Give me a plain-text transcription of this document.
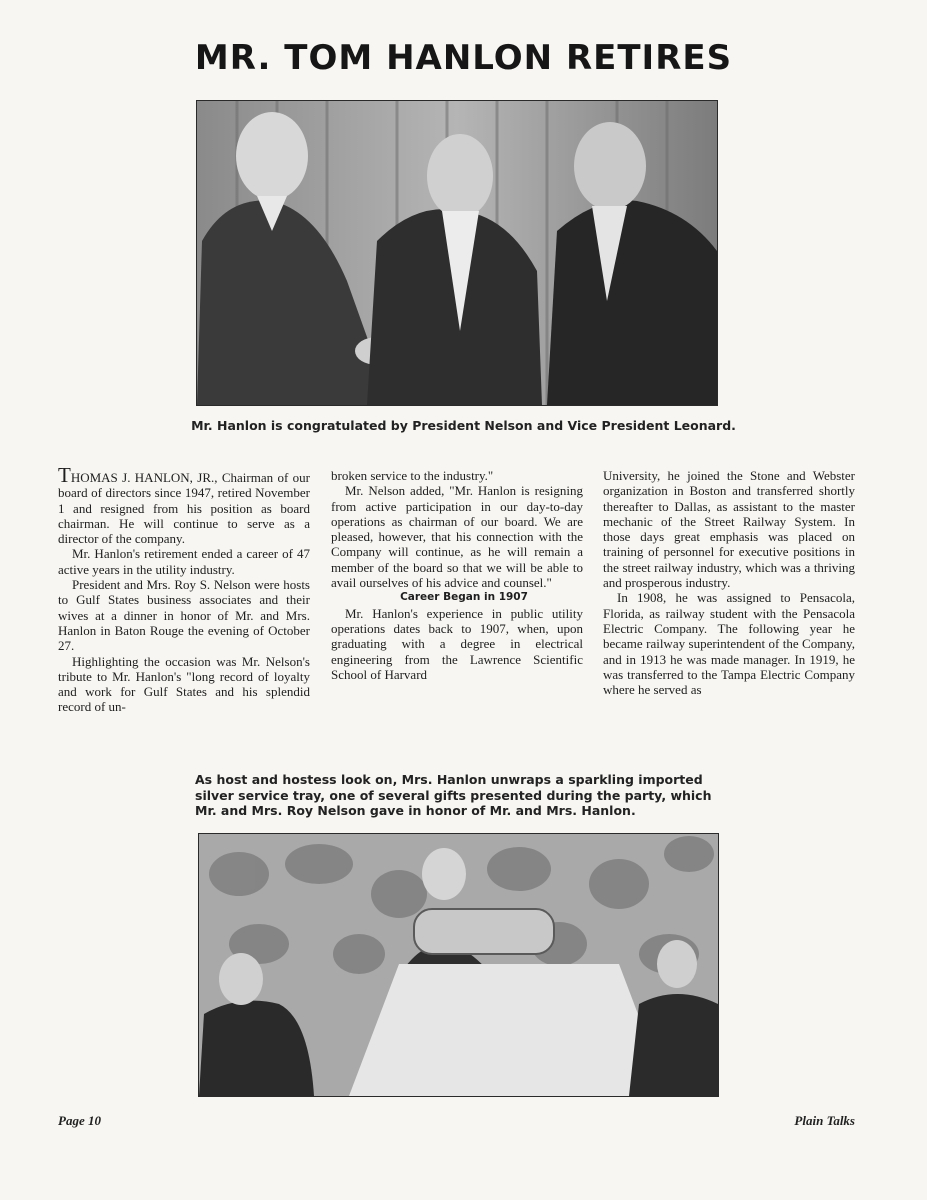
MR. TOM HANLON RETIRES
Mr. Hanlon is congratulated by President Nelson and Vice President Leonard.

THOMAS J. HANLON, JR., Chairman of our board of directors since 1947, retired November 1 and resigned from his position as board chairman. He will continue to serve as a director of the company.

Mr. Hanlon's retirement ended a career of 47 active years in the utility industry.

President and Mrs. Roy S. Nelson were hosts to Gulf States business associates and their wives at a dinner in honor of Mr. and Mrs. Hanlon in Baton Rouge the evening of October 27.

Highlighting the occasion was Mr. Nelson's tribute to Mr. Hanlon's "long record of loyalty and work for Gulf States and his splendid record of un-

broken service to the industry."

Mr. Nelson added, "Mr. Hanlon is resigning from active participation in our day-to-day operations as chairman of our board. We are pleased, however, that his connection with the Company will continue, as he will remain a member of the board so that we will be able to avail ourselves of his advice and counsel."

Career Began in 1907

Mr. Hanlon's experience in public utility operations dates back to 1907, when, upon graduating with a degree in electrical engineering from the Lawrence Scientific School of Harvard

University, he joined the Stone and Webster organization in Boston and transferred shortly thereafter to Dallas, as assistant to the master mechanic of the Street Railway System. In those days great emphasis was placed on training of personnel for executive positions in the street railway industry, which was a thriving and prosperous industry.

In 1908, he was assigned to Pensacola, Florida, as railway student with the Pensacola Electric Company. The following year he became railway superintendent of the Company, and in 1913 he was made manager. In 1919, he was transferred to the Tampa Electric Company where he served as

As host and hostess look on, Mrs. Hanlon unwraps a sparkling imported silver service tray, one of several gifts presented during the party, which Mr. and Mrs. Roy Nelson gave in honor of Mr. and Mrs. Hanlon.
Page 10	Plain Talks
